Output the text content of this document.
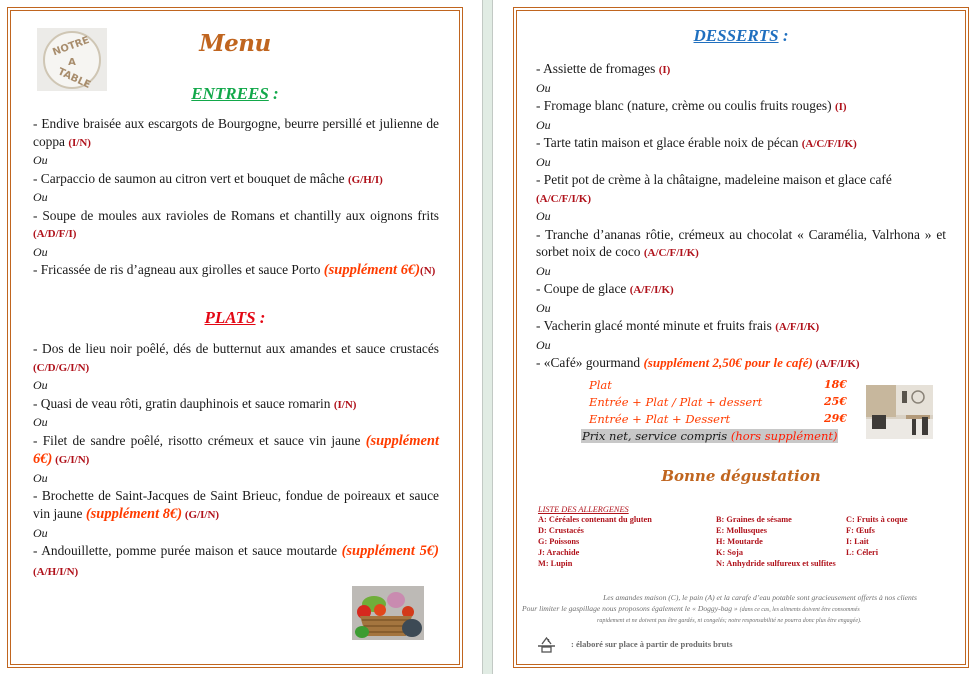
NOTRE
A
TABLE
Menu
ENTREES :
- Endive braisée aux escargots de Bourgogne, beurre persillé et julienne de coppa (I/N)
Ou
- Carpaccio de saumon au citron vert et bouquet de mâche (G/H/I)
Ou
- Soupe de moules aux ravioles de Romans et chantilly aux oignons frits (A/D/F/I)
Ou
- Fricassée de ris d’agneau aux girolles et sauce Porto (supplément 6€)(N)
PLATS :
- Dos de lieu noir poêlé, dés de butternut aux amandes et sauce crustacés (C/D/G/I/N)
Ou
- Quasi de veau rôti, gratin dauphinois et sauce romarin (I/N)
Ou
- Filet de sandre poêlé, risotto crémeux et sauce vin jaune (supplément 6€) (G/I/N)
Ou
- Brochette de Saint-Jacques de Saint Brieuc, fondue de poireaux et sauce vin jaune (supplément 8€) (G/I/N)
Ou
- Andouillette, pomme purée maison et sauce moutarde (supplément 5€) (A/H/I/N)
DESSERTS :
- Assiette de fromages (I)
Ou
- Fromage blanc (nature, crème ou coulis fruits rouges) (I)
Ou
- Tarte tatin maison et glace érable noix de pécan (A/C/F/I/K)
Ou
- Petit pot de crème à la châtaigne, madeleine maison et glace café (A/C/F/I/K)
Ou
- Tranche d’ananas rôtie, crémeux au chocolat « Caramélia, Valrhona » et sorbet noix de coco (A/C/F/I/K)
Ou
- Coupe de glace (A/F/I/K)
Ou
- Vacherin glacé monté minute et fruits frais (A/F/I/K)
Ou
- «Café» gourmand (supplément 2,50€ pour le café) (A/F/I/K)
Plat	18€
Entrée + Plat / Plat + dessert	25€
Entrée + Plat + Dessert	29€
Prix net, service compris (hors supplément)
Bonne dégustation
LISTE DES ALLERGENES
A: Céréales contenant du gluten	B: Graines de sésame	C: Fruits à coque
D: Crustacés	E: Mollusques	F: Œufs
G: Poissons	H: Moutarde	I: Lait
J: Arachide	K: Soja	L: Céleri
M: Lupin	N: Anhydride sulfureux et sulfites
Les amandes maison (C), le pain (A) et la carafe d’eau potable sont gracieusement offerts à nos clients
Pour limiter le gaspillage nous proposons également le « Doggy-bag » (dans ce cas, les aliments doivent être consommés
rapidement et ne doivent pas être gardés, ni congelés; notre responsabilité ne pourra donc plus être engagée).
: élaboré sur place à partir de produits bruts
